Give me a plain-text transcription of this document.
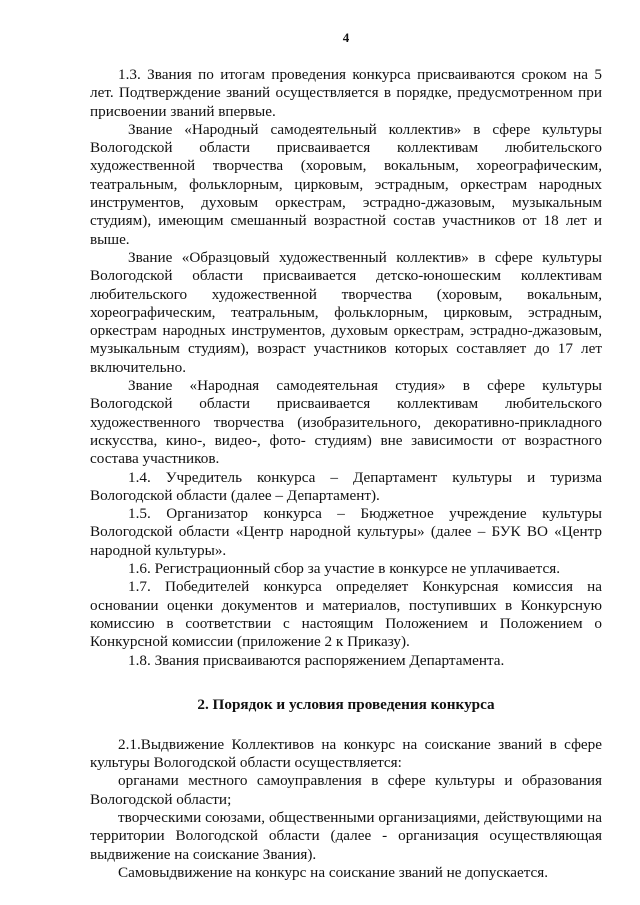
4

1.3. Звания по итогам проведения конкурса присваиваются сроком на 5 лет. Подтверждение званий осуществляется в порядке, предусмотренном при присвоении званий впервые.

Звание «Народный самодеятельный коллектив» в сфере культуры Вологодской области присваивается коллективам любительского художественной творчества (хоровым, вокальным, хореографическим, театральным, фольклорным, цирковым, эстрадным, оркестрам народных инструментов, духовым оркестрам, эстрадно-джазовым, музыкальным студиям), имеющим смешанный возрастной состав участников от 18 лет и выше.

Звание «Образцовый художественный коллектив» в сфере культуры Вологодской области присваивается детско-юношеским коллективам любительского художественной творчества (хоровым, вокальным, хореографическим, театральным, фольклорным, цирковым, эстрадным, оркестрам народных инструментов, духовым оркестрам, эстрадно-джазовым, музыкальным студиям), возраст участников которых составляет до 17 лет включительно.

Звание «Народная самодеятельная студия» в сфере культуры Вологодской области присваивается коллективам любительского художественного творчества (изобразительного, декоративно-прикладного искусства, кино-, видео-, фото- студиям) вне зависимости от возрастного состава участников.

1.4. Учредитель конкурса – Департамент культуры и туризма Вологодской области (далее – Департамент).

1.5. Организатор конкурса – Бюджетное учреждение культуры Вологодской области «Центр народной культуры» (далее – БУК ВО «Центр народной культуры».

1.6. Регистрационный сбор за участие в конкурсе не уплачивается.

1.7. Победителей конкурса определяет Конкурсная комиссия на основании оценки документов и материалов, поступивших в Конкурсную комиссию в соответствии с настоящим Положением и Положением о Конкурсной комиссии (приложение 2 к Приказу).

1.8. Звания присваиваются распоряжением Департамента.

2. Порядок и условия проведения конкурса

2.1.Выдвижение Коллективов на конкурс на соискание званий в сфере культуры Вологодской области осуществляется:

органами местного самоуправления в сфере культуры и образования Вологодской области;

творческими союзами, общественными организациями, действующими на территории Вологодской области (далее - организация осуществляющая выдвижение на соискание Звания).

Самовыдвижение на конкурс на соискание званий не допускается.
